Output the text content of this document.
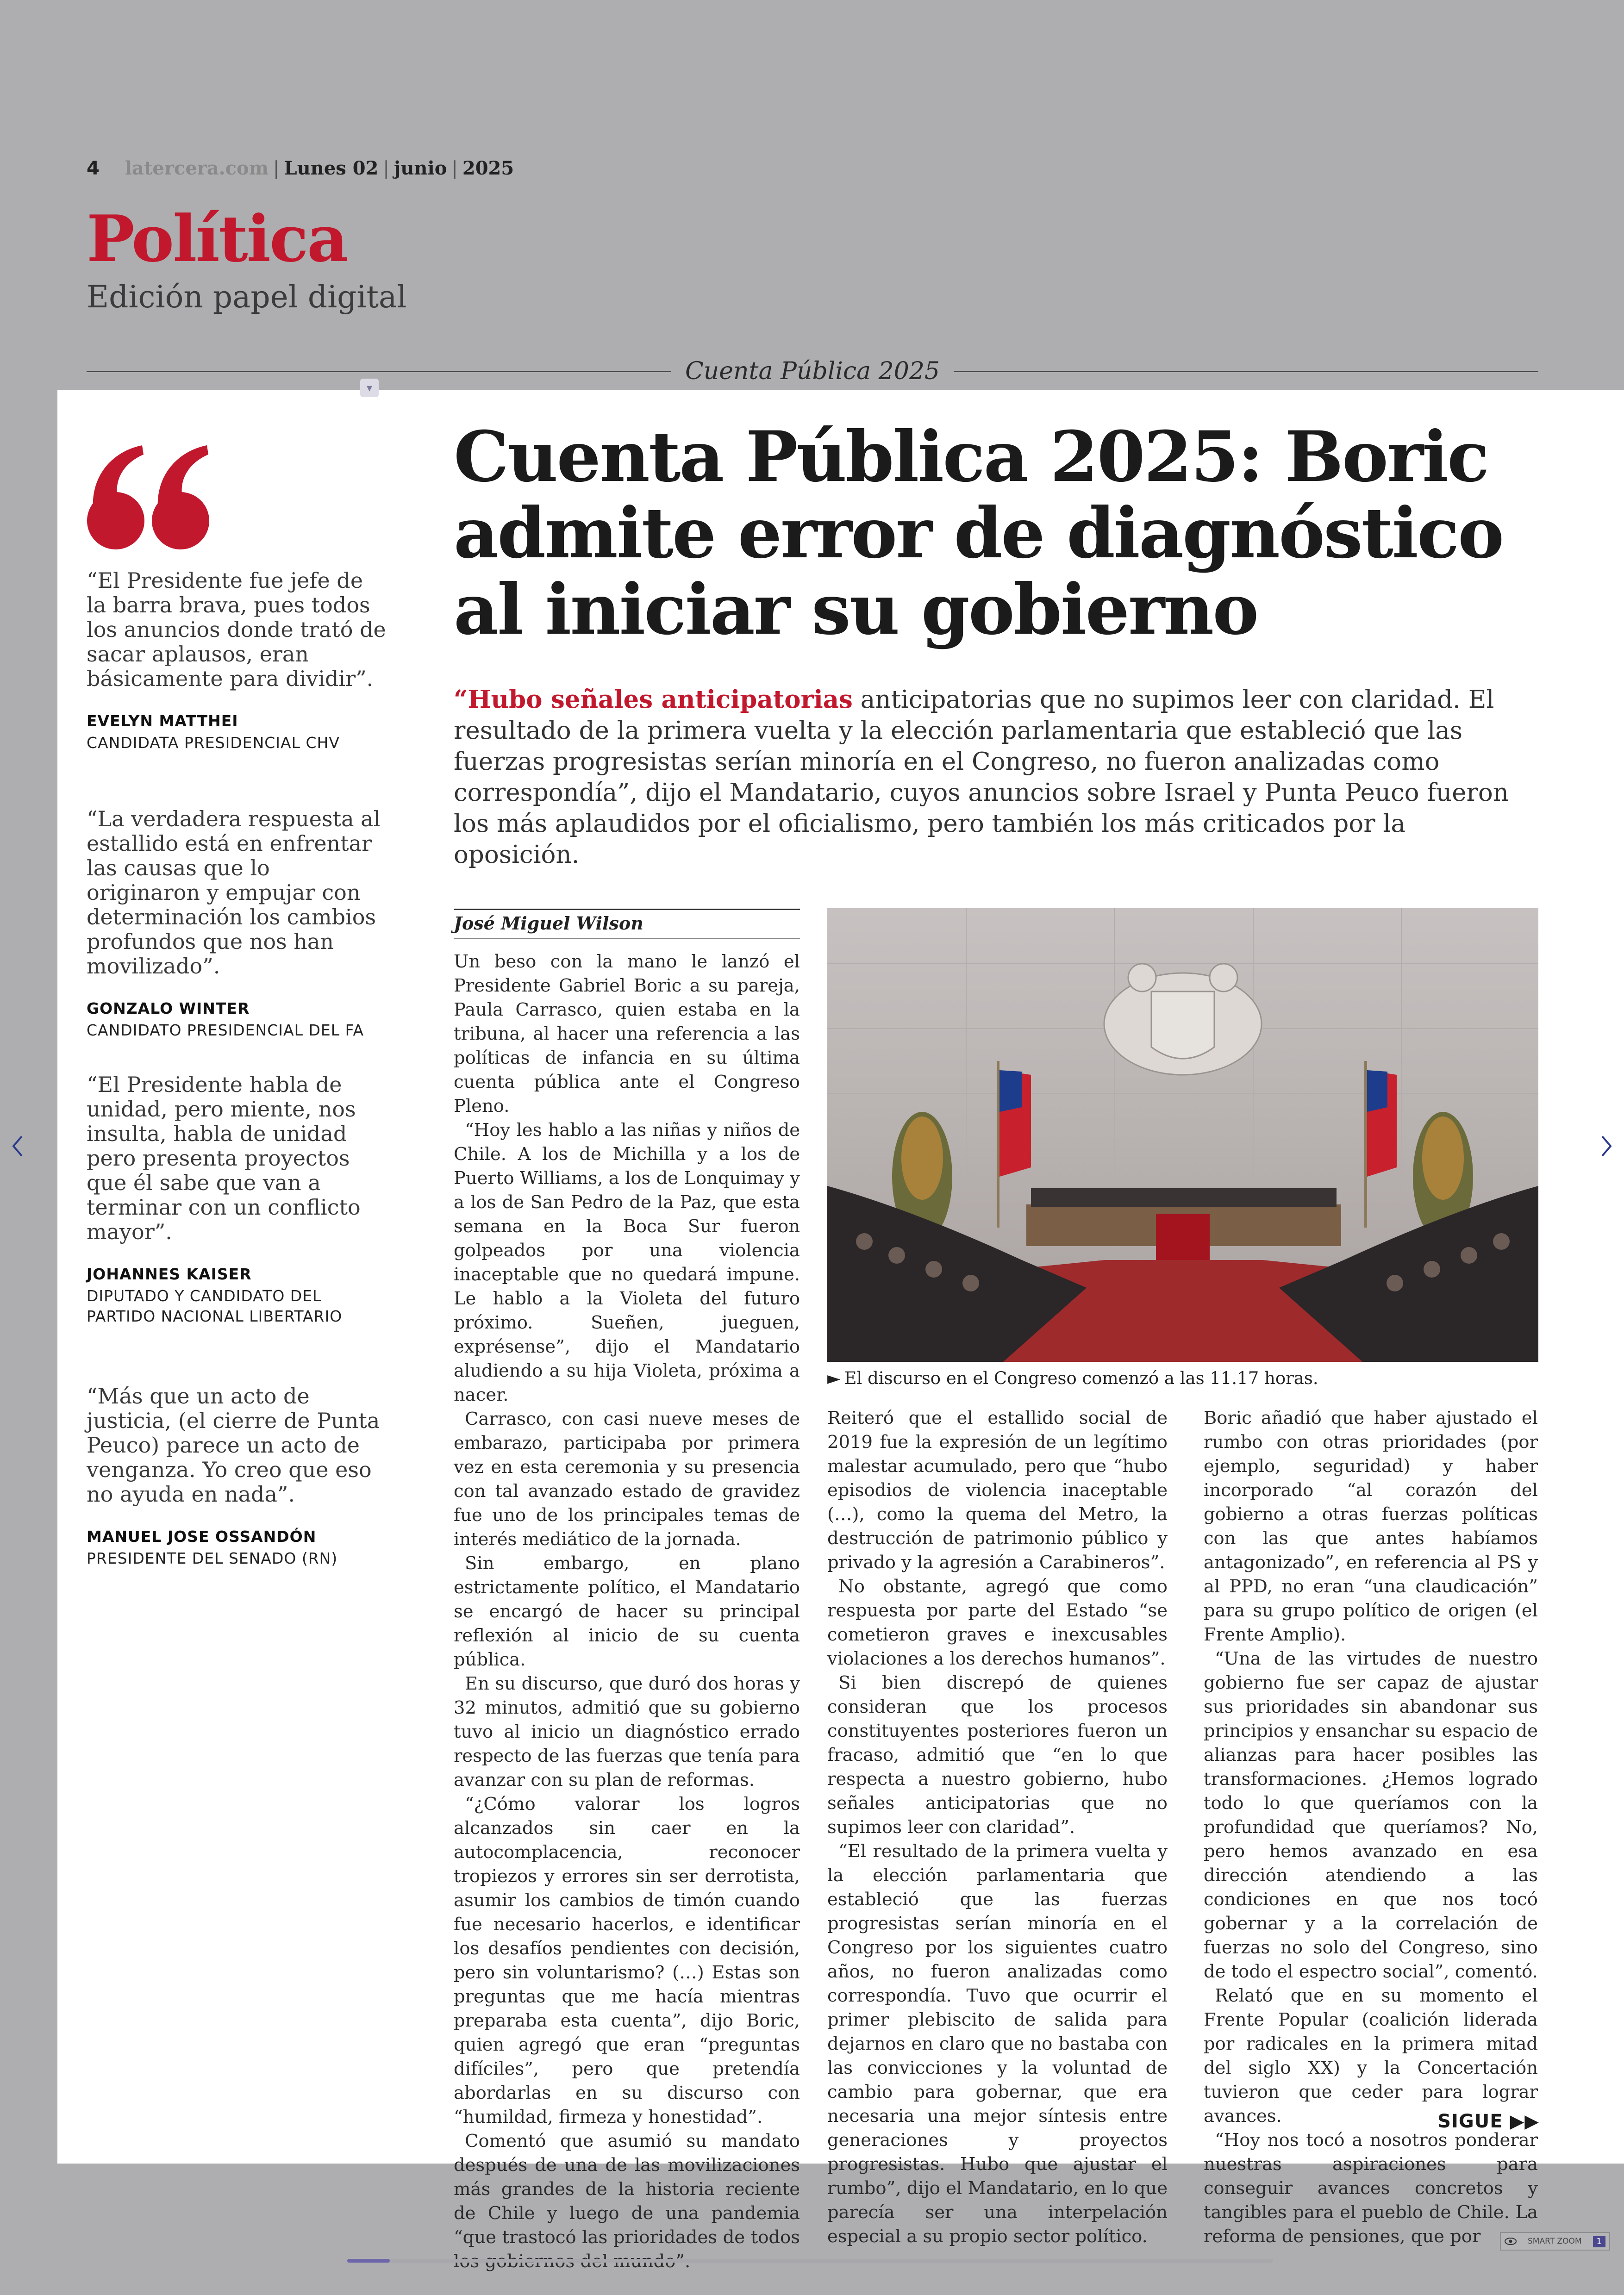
4 latercera.com | Lunes 02 | junio | 2025
Política
Edición papel digital
Cuenta Pública 2025
▾
“El Presidente fue jefe de la barra brava, pues todos los anuncios donde trató de sacar aplausos, eran básicamente para dividir”.
EVELYN MATTHEI
CANDIDATA PRESIDENCIAL CHV
“La verdadera respuesta al estallido está en enfrentar las causas que lo originaron y empujar con determinación los cambios profundos que nos han movilizado”.
GONZALO WINTER
CANDIDATO PRESIDENCIAL DEL FA
“El Presidente habla de unidad, pero miente, nos insulta, habla de unidad pero presenta proyectos que él sabe que van a terminar con un conflicto mayor”.
JOHANNES KAISER
DIPUTADO Y CANDIDATO DEL PARTIDO NACIONAL LIBERTARIO
“Más que un acto de justicia, (el cierre de Punta Peuco) parece un acto de venganza. Yo creo que eso no ayuda en nada”.
MANUEL JOSE OSSANDÓN
PRESIDENTE DEL SENADO (RN)
Cuenta Pública 2025: Boric admite error de diagnóstico al iniciar su gobierno

“Hubo señales anticipatorias anticipatorias que no supimos leer con claridad. El resultado de la primera vuelta y la elección parlamentaria que estableció que las fuerzas progresistas serían minoría en el Congreso, no fueron analizadas como correspondía”, dijo el Mandatario, cuyos anuncios sobre Israel y Punta Peuco fueron los más aplaudidos por el oficialismo, pero también los más criticados por la oposición.

José Miguel Wilson

Un beso con la mano le lanzó el Presidente Gabriel Boric a su pareja, Paula Carrasco, quien estaba en la tribuna, al hacer una referencia a las políticas de infancia en su última cuenta pública ante el Congreso Pleno.

“Hoy les hablo a las niñas y niños de Chile. A los de Michilla y a los de Puerto Williams, a los de Lonquimay y a los de San Pedro de la Paz, que esta semana en la Boca Sur fueron golpeados por una violencia inaceptable que no quedará impune. Le hablo a la Violeta del futuro próximo. Sueñen, jueguen, exprésense”, dijo el Mandatario aludiendo a su hija Violeta, próxima a nacer.

Carrasco, con casi nueve meses de embarazo, participaba por primera vez en esta ceremonia y su presencia con tal avanzado estado de gravidez fue uno de los principales temas de interés mediático de la jornada.

Sin embargo, en plano estrictamente político, el Mandatario se encargó de hacer su principal reflexión al inicio de su cuenta pública.

En su discurso, que duró dos horas y 32 minutos, admitió que su gobierno tuvo al inicio un diagnóstico errado respecto de las fuerzas que tenía para avanzar con su plan de reformas.

“¿Cómo valorar los logros alcanzados sin caer en la autocomplacencia, reconocer tropiezos y errores sin ser derrotista, asumir los cambios de timón cuando fue necesario hacerlos, e identificar los desafíos pendientes con decisión, pero sin voluntarismo? (…) Estas son preguntas que me hacía mientras preparaba esta cuenta”, dijo Boric, quien agregó que eran “preguntas difíciles”, pero que pretendía abordarlas en su discurso con “humildad, firmeza y honestidad”.

Comentó que asumió su mandato después de una de las movilizaciones más grandes de la historia reciente de Chile y luego de una pandemia “que trastocó las prioridades de todos

► El discurso en el Congreso comenzó a las 11.17 horas.

Reiteró que el estallido social de 2019 fue la expresión de un legítimo malestar acumulado, pero que “hubo episodios de violencia inaceptable (…), como la quema del Metro, la destrucción de patrimonio público y privado y la agresión a Carabineros”.

No obstante, agregó que como respuesta por parte del Estado “se cometieron graves e inexcusables violaciones a los derechos humanos”.

Si bien discrepó de quienes consideran que los procesos constituyentes posteriores fueron un fracaso, admitió que “en lo que respecta a nuestro gobierno, hubo señales anticipatorias que no supimos leer con claridad”.

“El resultado de la primera vuelta y la elección parlamentaria que estableció que las fuerzas progresistas serían minoría en el Congreso por los siguientes cuatro años, no fueron analizadas como correspondía. Tuvo que ocurrir el primer plebiscito de salida para dejarnos en claro que no bastaba con las convicciones y la voluntad de cambio para gobernar, que era necesaria una mejor síntesis entre generaciones y proyectos progresistas. Hubo que ajustar el rumbo”, dijo el Mandatario, en lo que parecía ser una interpelación especial a su propio sector político.

Boric añadió que haber ajustado el rumbo con otras prioridades (por ejemplo, seguridad) y haber incorporado “al corazón del gobierno a otras fuerzas políticas con las que antes habíamos antagonizado”, en referencia al PS y al PPD, no eran “una claudicación” para su grupo político de origen (el Frente Amplio).

“Una de las virtudes de nuestro gobierno fue ser capaz de ajustar sus prioridades sin abandonar sus principios y ensanchar su espacio de alianzas para hacer posibles las transformaciones. ¿Hemos logrado todo lo que queríamos con la profundidad que queríamos? No, pero hemos avanzado en esa dirección atendiendo a las condiciones en que nos tocó gobernar y a la correlación de fuerzas no solo del Congreso, sino de todo el espectro social”, comentó.

Relató que en su momento el Frente Popular (coalición liderada por radicales en la primera mitad del siglo XX) y la Concertación tuvieron que ceder para lograr avances.

“Hoy nos tocó a nosotros ponderar nuestras aspiraciones para conseguir avances concretos y tangibles para el pueblo de Chile. La reforma de pensiones, que por

SIGUE ▶▶
SMART ZOOM	1
